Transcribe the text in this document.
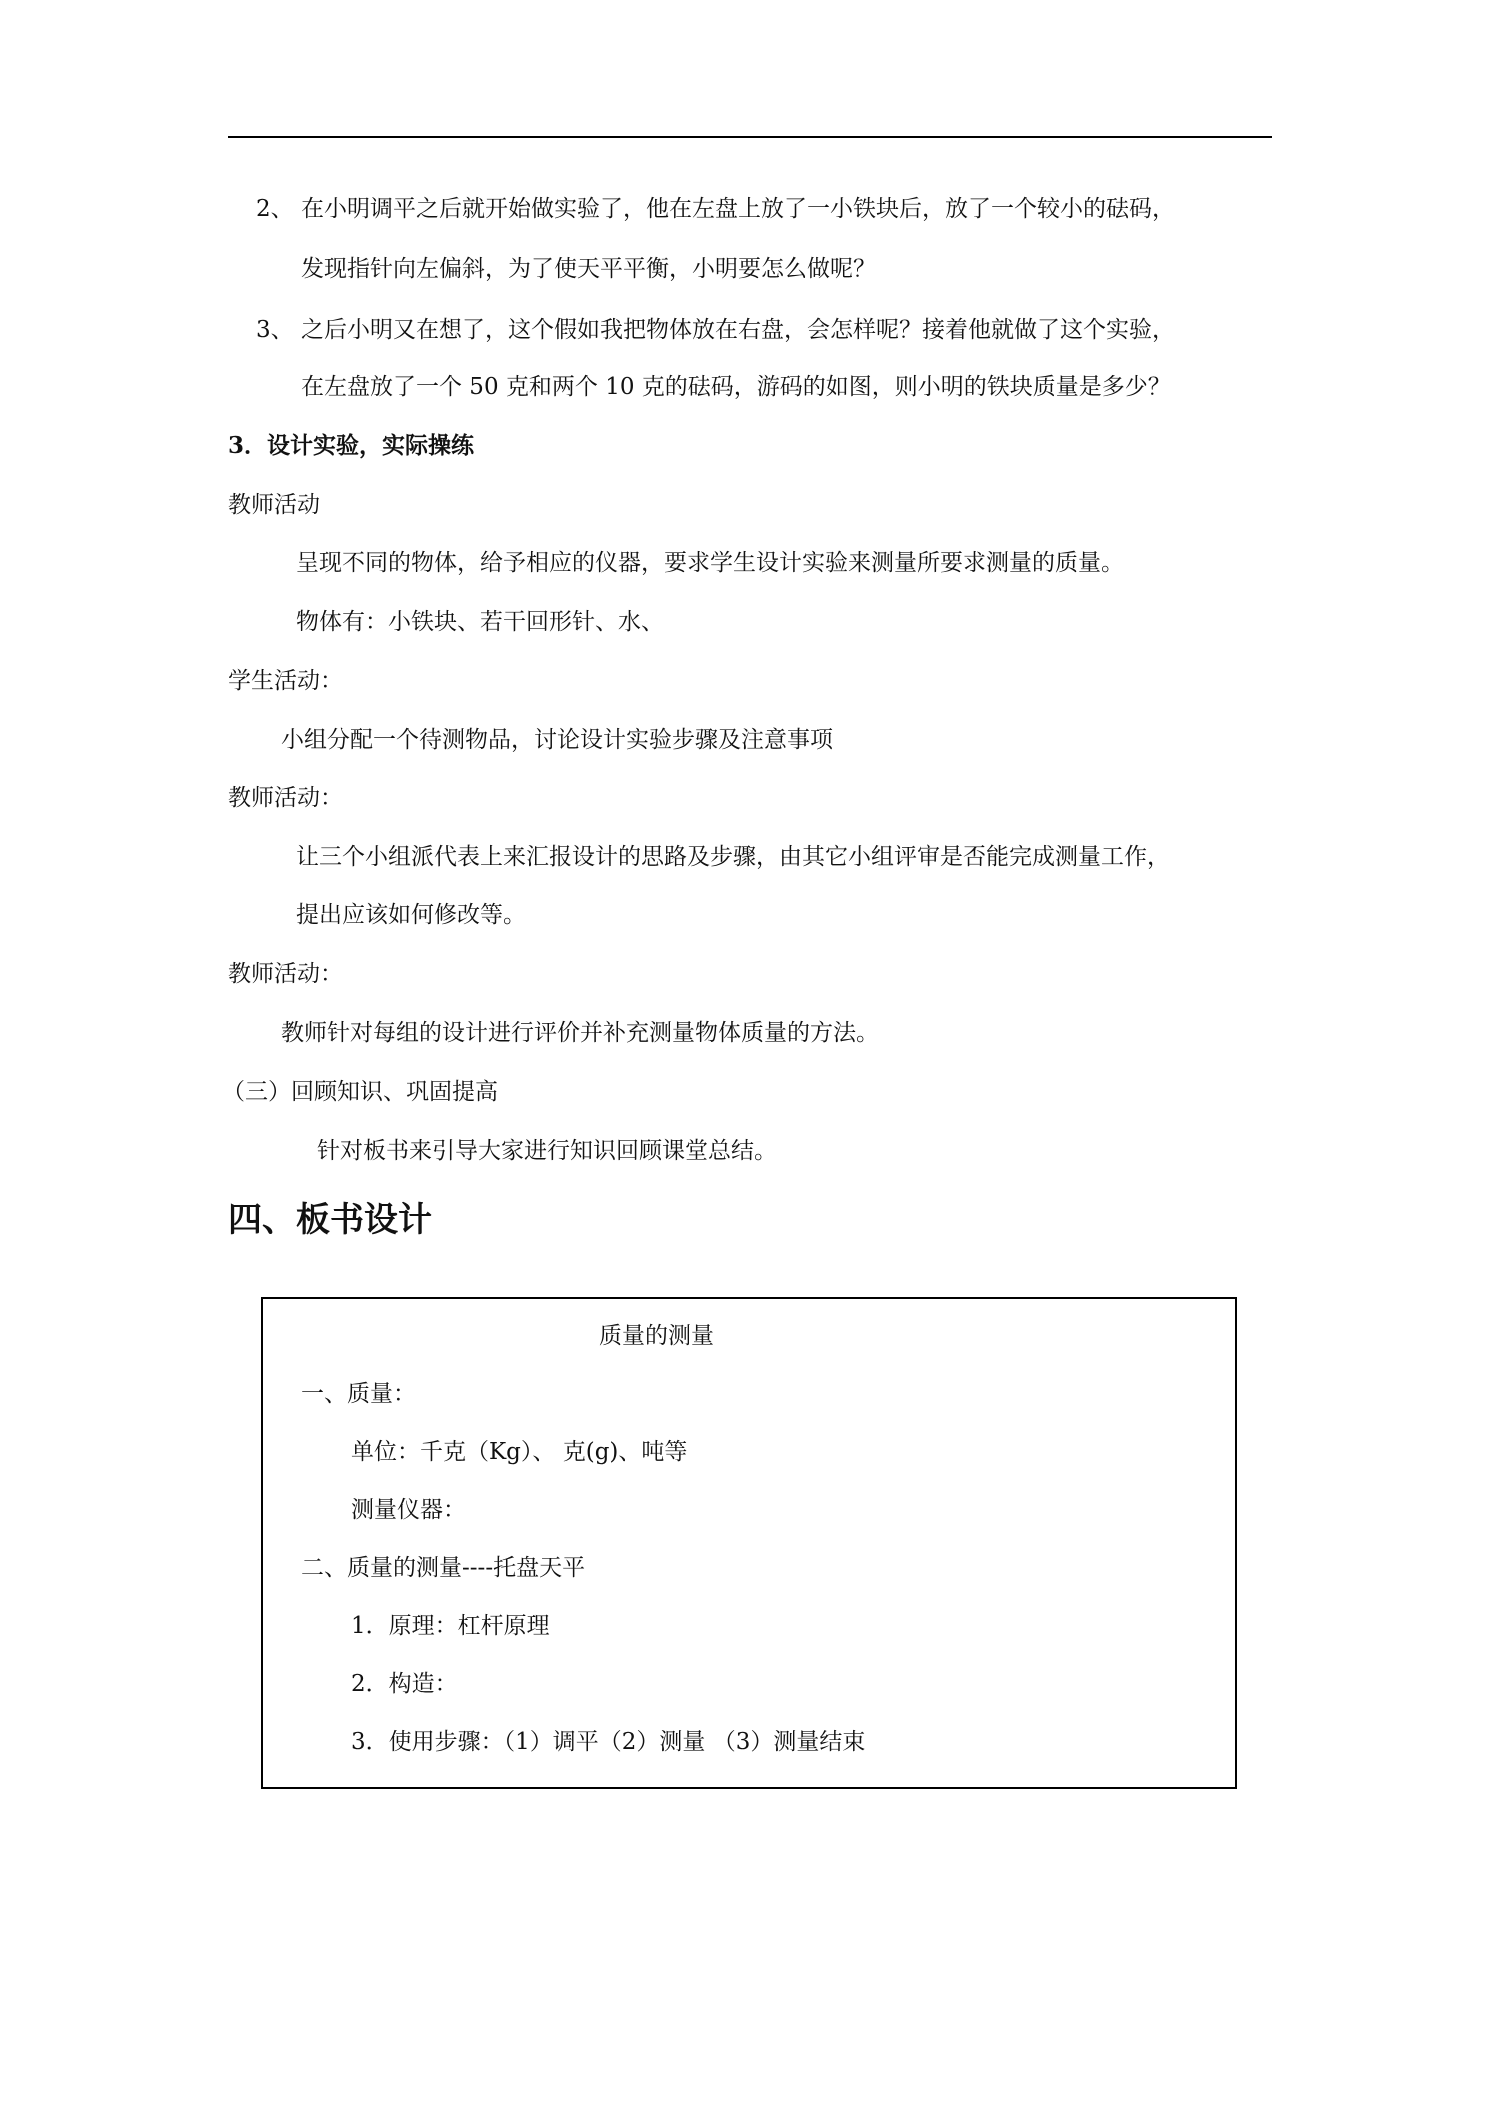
2、 在小明调平之后就开始做实验了，他在左盘上放了一小铁块后，放了一个较小的砝码，
发现指针向左偏斜，为了使天平平衡，小明要怎么做呢？
3、 之后小明又在想了，这个假如我把物体放在右盘，会怎样呢？接着他就做了这个实验，
在左盘放了一个 50 克和两个 10 克的砝码，游码的如图，则小明的铁块质量是多少？
3．设计实验，实际操练
教师活动
呈现不同的物体，给予相应的仪器，要求学生设计实验来测量所要求测量的质量。
物体有：小铁块、若干回形针、水、
学生活动：
小组分配一个待测物品，讨论设计实验步骤及注意事项
教师活动：
让三个小组派代表上来汇报设计的思路及步骤，由其它小组评审是否能完成测量工作，
提出应该如何修改等。
教师活动：
教师针对每组的设计进行评价并补充测量物体质量的方法。
（三）回顾知识、巩固提高
针对板书来引导大家进行知识回顾课堂总结。
四、板书设计
质量的测量
一、质量：
单位：千克（Kg）、 克(g)、吨等
测量仪器：
二、质量的测量----托盘天平
1．原理：杠杆原理
2．构造：
3．使用步骤：（1）调平（2）测量 （3）测量结束
